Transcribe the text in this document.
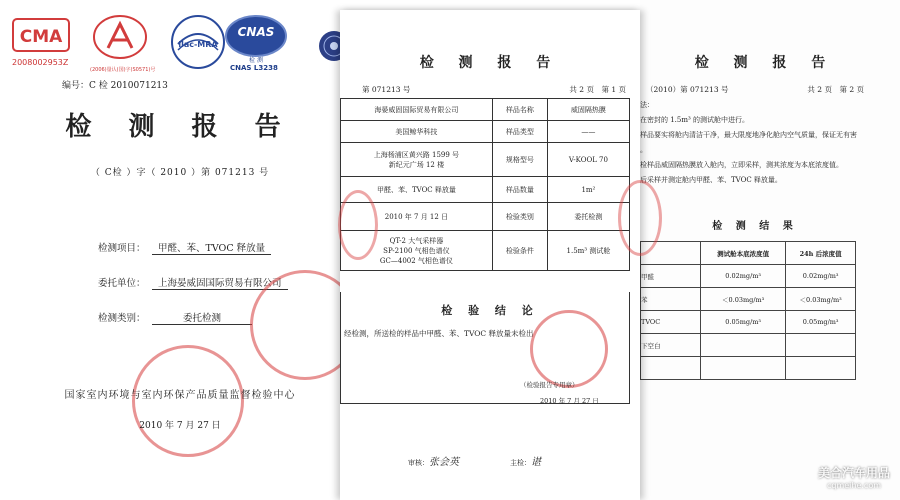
CMA
2008002953Z
(2006)量认(国)字(S0571)号
ilac-MRA
CNAS
检 测
CNAS L3238
编号：C 检 2010071213
检 测 报 告
（ C检 ）字（ 2010 ）第 071213 号
检测项目： 甲醛、苯、TVOC 释放量
委托单位： 上海晏威固国际贸易有限公司
检测类别：	委托检测
国家室内环境与室内环保产品质量监督检验中心
2010 年 7 月 27 日
检 测 报 告
（2010）第 071213 号	共 2 页　第 2 页
法：
在密封的 1.5m³ 的测试舱中进行。
样品要实将舱内清洁干净，最大限度地净化舱内空气质量，保证无有害
。
检样品威固隔热膜放入舱内，立即采样，测其浓度为本底浓度值。
后采样并测定舱内甲醛、苯、TVOC 释放量。
检 测 结 果
	测试舱本底浓度值	24h 后浓度值
甲醛	0.02mg/m³	0.02mg/m³
苯	＜0.03mg/m³	＜0.03mg/m³
TVOC	0.05mg/m³	0.05mg/m³
下空白		

检 测 报 告
第 071213 号	共 2 页　第 1 页
海晏威固国际贸易有限公司	样品名称	威固隔热膜
美国鲸华科技	样品类型	——
上海杨浦区黄兴路 1599 号
新纪元广场 12 楼	规格型号	V-KOOL 70
甲醛、苯、TVOC 释放量	样品数量	1m²
2010 年 7 月 12 日	检验类别	委托检测
QT-2 大气采样器
SP-2100 气相色谱仪
GC—4002 气相色谱仪	检验条件	1.5m³ 测试舱
检 验 结 论
经检测，所送检的样品中甲醛、苯、TVOC 释放量未检出
（检验报告专用章）
2010 年 7 月 27 日
审核：张会英	主检：谌
美合汽车用品
cqmeihe.com
